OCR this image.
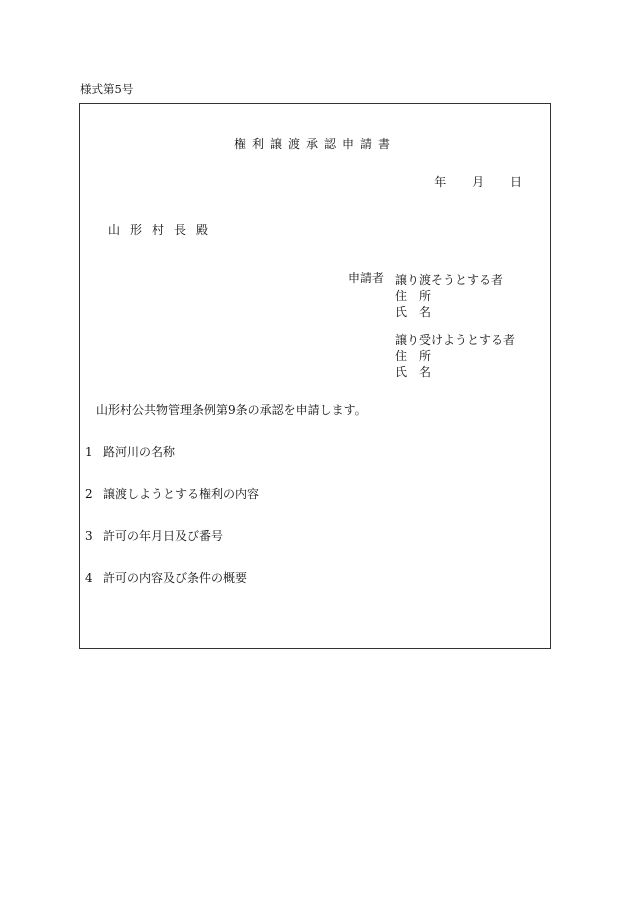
様式第5号
権利譲渡承認申請書
年 月 日
山形村長殿
申請者 譲り渡そうとする者
住所
氏名
譲り受けようとする者
住所
氏名
山形村公共物管理条例第9条の承認を申請します。
1 路河川の名称
2 譲渡しようとする権利の内容
3 許可の年月日及び番号
4 許可の内容及び条件の概要
